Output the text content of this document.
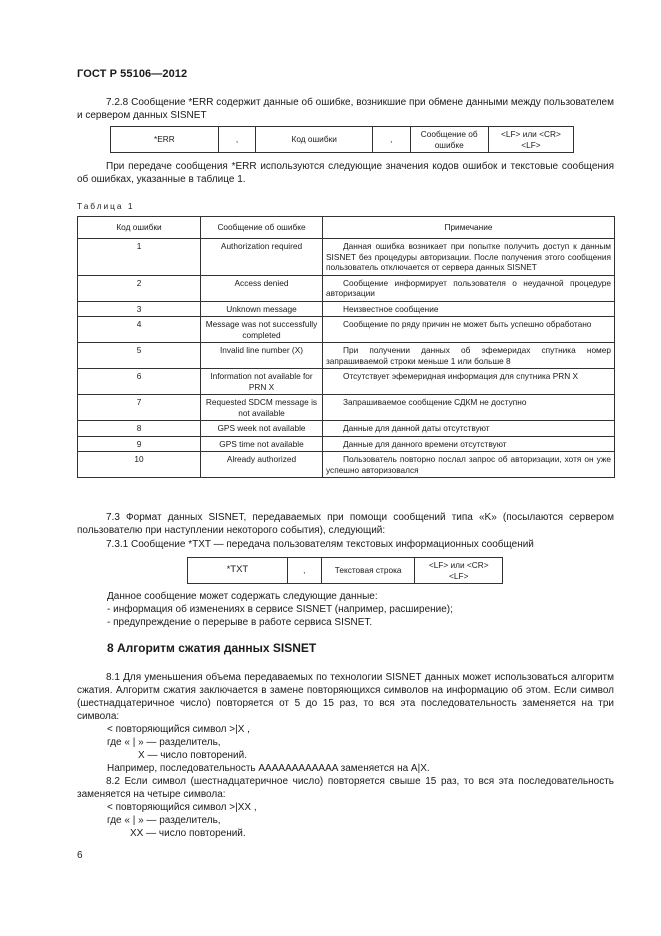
ГОСТ Р 55106—2012
7.2.8 Сообщение *ERR содержит данные об ошибке, возникшие при обмене данными между пользователем и сервером данных SISNET
*ERR	,	Код ошибки	,	Сообщение об ошибке	<LF> или <CR> <LF>
При передаче сообщения *ERR используются следующие значения кодов ошибок и текстовые сообщения об ошибках, указанные в таблице 1.
Таблица 1
Код ошибки	Сообщение об ошибке	Примечание
1	Authorization required	Данная ошибка возникает при попытке получить доступ к данным SISNET без процедуры авторизации. После получения этого сообщения пользователь отключается от сервера данных SISNET
2	Access denied	Сообщение информирует пользователя о неудачной процедуре авторизации
3	Unknown message	Неизвестное сообщение
4	Message was not successfully completed	Сообщение по ряду причин не может быть успешно обработано
5	Invalid line number (X)	При получении данных об эфемеридах спутника номер запрашиваемой строки меньше 1 или больше 8
6	Information not available for PRN X	Отсутствует эфемеридная информация для спутника PRN X
7	Requested SDCM message is not available	Запрашиваемое сообщение СДКМ не доступно
8	GPS week not available	Данные для данной даты отсутствуют
9	GPS time not available	Данные для данного времени отсутствуют
10	Already authorized	Пользователь повторно послал запрос об авторизации, хотя он уже успешно авторизовался
7.3 Формат данных SISNET, передаваемых при помощи сообщений типа «K» (посылаются сервером пользователю при наступлении некоторого события), следующий:
7.3.1 Сообщение *TXT — передача пользователям текстовых информационных сообщений
*TXT	,	Текстовая строка	<LF> или <CR> <LF>
Данное сообщение может содержать следующие данные:
- информация об изменениях в сервисе SISNET (например, расширение);
- предупреждение о перерыве в работе сервиса SISNET.
8 Алгоритм сжатия данных SISNET
8.1 Для уменьшения объема передаваемых по технологии SISNET данных может использоваться алгоритм сжатия. Алгоритм сжатия заключается в замене повторяющихся символов на информацию об этом. Если символ (шестнадцатеричное число) повторяется от 5 до 15 раз, то вся эта последовательность заменяется на три символа:
< повторяющийся символ >|X ,
где « | » — разделитель,
X — число повторений.
Например, последовательность AAAAAAAAAAAA заменяется на A|X.
8.2 Если символ (шестнадцатеричное число) повторяется свыше 15 раз, то вся эта последовательность заменяется на четыре символа:
< повторяющийся символ >|XX ,
где « | » — разделитель,
XX — число повторений.
6
